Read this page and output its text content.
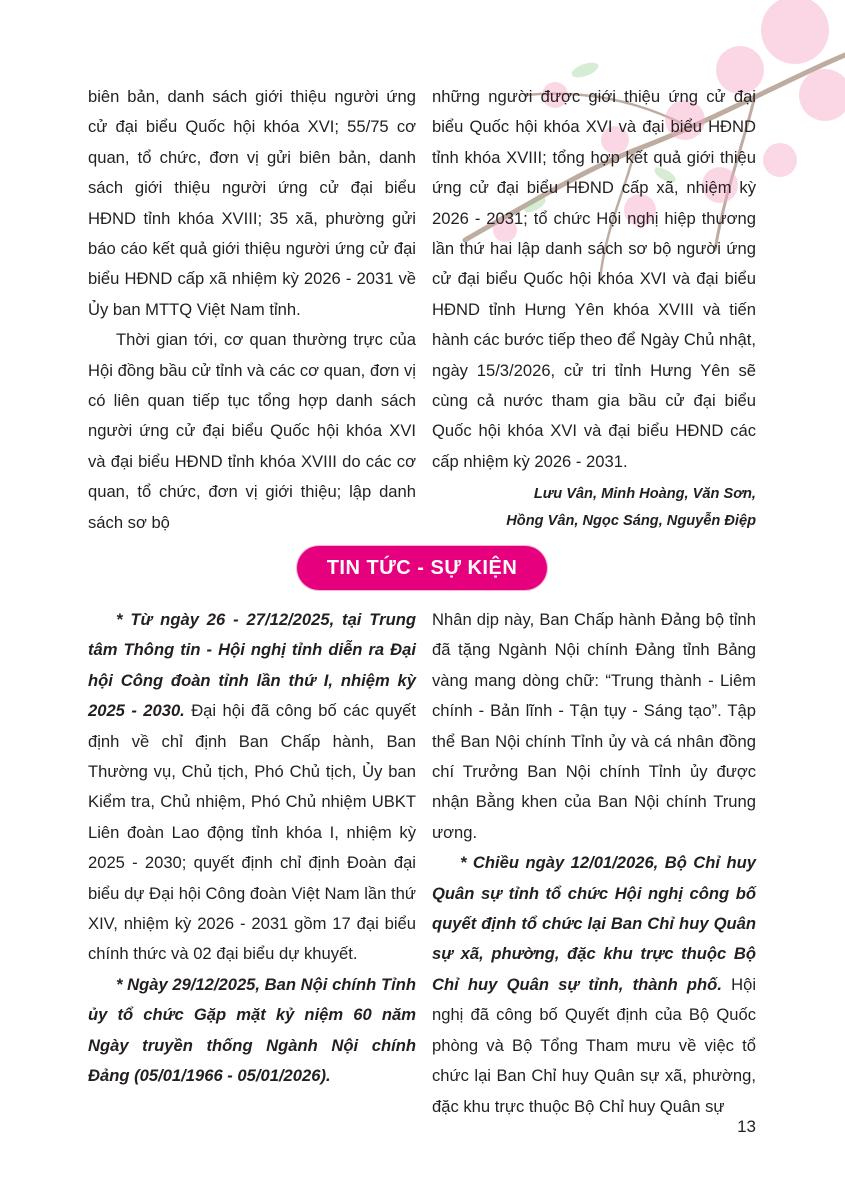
biên bản, danh sách giới thiệu người ứng cử đại biểu Quốc hội khóa XVI; 55/75 cơ quan, tổ chức, đơn vị gửi biên bản, danh sách giới thiệu người ứng cử đại biểu HĐND tỉnh khóa XVIII; 35 xã, phường gửi báo cáo kết quả giới thiệu người ứng cử đại biểu HĐND cấp xã nhiệm kỳ 2026 - 2031 về Ủy ban MTTQ Việt Nam tỉnh.

Thời gian tới, cơ quan thường trực của Hội đồng bầu cử tỉnh và các cơ quan, đơn vị có liên quan tiếp tục tổng hợp danh sách người ứng cử đại biểu Quốc hội khóa XVI và đại biểu HĐND tỉnh khóa XVIII do các cơ quan, tổ chức, đơn vị giới thiệu; lập danh sách sơ bộ

những người được giới thiệu ứng cử đại biểu Quốc hội khóa XVI và đại biểu HĐND tỉnh khóa XVIII; tổng hợp kết quả giới thiệu ứng cử đại biểu HĐND cấp xã, nhiệm kỳ 2026 - 2031; tổ chức Hội nghị hiệp thương lần thứ hai lập danh sách sơ bộ người ứng cử đại biểu Quốc hội khóa XVI và đại biểu HĐND tỉnh Hưng Yên khóa XVIII và tiến hành các bước tiếp theo để Ngày Chủ nhật, ngày 15/3/2026, cử tri tỉnh Hưng Yên sẽ cùng cả nước tham gia bầu cử đại biểu Quốc hội khóa XVI và đại biểu HĐND các cấp nhiệm kỳ 2026 - 2031.

Lưu Vân, Minh Hoàng, Văn Sơn,
Hồng Vân, Ngọc Sáng, Nguyễn Điệp
TIN TỨC - SỰ KIỆN

* Từ ngày 26 - 27/12/2025, tại Trung tâm Thông tin - Hội nghị tỉnh diễn ra Đại hội Công đoàn tỉnh lần thứ I, nhiệm kỳ 2025 - 2030. Đại hội đã công bố các quyết định về chỉ định Ban Chấp hành, Ban Thường vụ, Chủ tịch, Phó Chủ tịch, Ủy ban Kiểm tra, Chủ nhiệm, Phó Chủ nhiệm UBKT Liên đoàn Lao động tỉnh khóa I, nhiệm kỳ 2025 - 2030; quyết định chỉ định Đoàn đại biểu dự Đại hội Công đoàn Việt Nam lần thứ XIV, nhiệm kỳ 2026 - 2031 gồm 17 đại biểu chính thức và 02 đại biểu dự khuyết.

* Ngày 29/12/2025, Ban Nội chính Tỉnh ủy tổ chức Gặp mặt kỷ niệm 60 năm Ngày truyền thống Ngành Nội chính Đảng (05/01/1966 - 05/01/2026).

Nhân dịp này, Ban Chấp hành Đảng bộ tỉnh đã tặng Ngành Nội chính Đảng tỉnh Bảng vàng mang dòng chữ: “Trung thành - Liêm chính - Bản lĩnh - Tận tụy - Sáng tạo”. Tập thể Ban Nội chính Tỉnh ủy và cá nhân đồng chí Trưởng Ban Nội chính Tỉnh ủy được nhận Bằng khen của Ban Nội chính Trung ương.

* Chiều ngày 12/01/2026, Bộ Chỉ huy Quân sự tỉnh tổ chức Hội nghị công bố quyết định tổ chức lại Ban Chỉ huy Quân sự xã, phường, đặc khu trực thuộc Bộ Chỉ huy Quân sự tỉnh, thành phố. Hội nghị đã công bố Quyết định của Bộ Quốc phòng và Bộ Tổng Tham mưu về việc tổ chức lại Ban Chỉ huy Quân sự xã, phường, đặc khu trực thuộc Bộ Chỉ huy Quân sự

13
